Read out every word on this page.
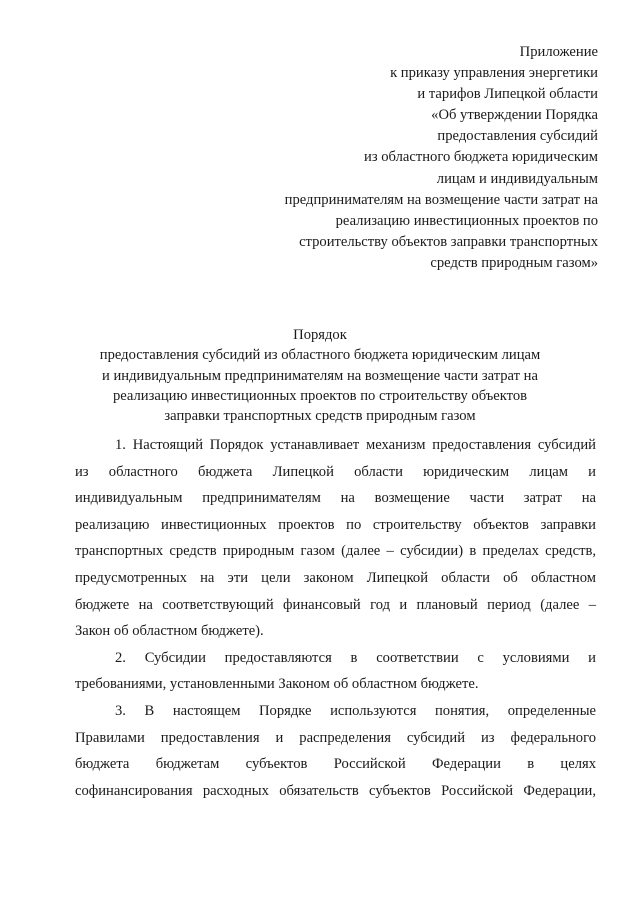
Приложение
к приказу управления энергетики
и тарифов Липецкой области
«Об утверждении Порядка
предоставления субсидий
из областного бюджета юридическим
лицам и индивидуальным
предпринимателям на возмещение части затрат на
реализацию инвестиционных проектов по
строительству объектов заправки транспортных
средств природным газом»
Порядок
предоставления субсидий из областного бюджета юридическим лицам
и индивидуальным предпринимателям на возмещение части затрат на
реализацию инвестиционных проектов по строительству объектов
заправки транспортных средств природным газом
1. Настоящий Порядок устанавливает механизм предоставления субсидий
из областного бюджета Липецкой области юридическим лицам и
индивидуальным предпринимателям на возмещение части затрат на
реализацию инвестиционных проектов по строительству объектов заправки
транспортных средств природным газом (далее – субсидии) в пределах средств,
предусмотренных на эти цели законом Липецкой области об областном
бюджете на соответствующий финансовый год и плановый период (далее –
Закон об областном бюджете).
2. Субсидии предоставляются в соответствии с условиями и
требованиями, установленными Законом об областном бюджете.
3. В настоящем Порядке используются понятия, определенные
Правилами предоставления и распределения субсидий из федерального
бюджета бюджетам субъектов Российской Федерации в целях
софинансирования расходных обязательств субъектов Российской Федерации,
